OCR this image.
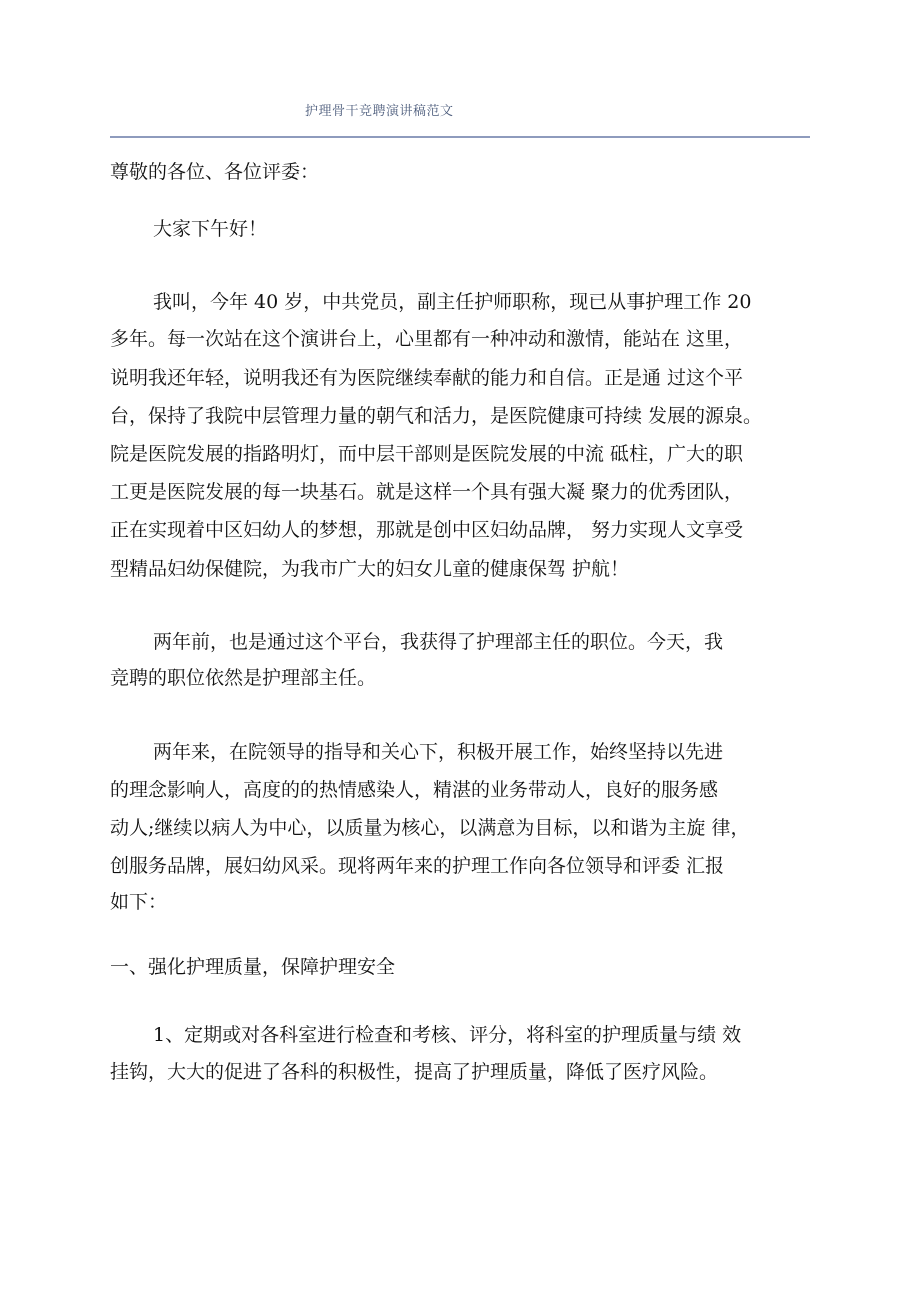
护理骨干竞聘演讲稿范文
尊敬的各位、各位评委：
大家下午好！
我叫，今年 40 岁，中共党员，副主任护师职称，现已从事护理工作 20
多年。每一次站在这个演讲台上，心里都有一种冲动和激情，能站在 这里，
说明我还年轻，说明我还有为医院继续奉献的能力和自信。正是通 过这个平
台，保持了我院中层管理力量的朝气和活力，是医院健康可持续 发展的源泉。
院是医院发展的指路明灯，而中层干部则是医院发展的中流 砥柱，广大的职
工更是医院发展的每一块基石。就是这样一个具有强大凝 聚力的优秀团队，
正在实现着中区妇幼人的梦想，那就是创中区妇幼品牌， 努力实现人文享受
型精品妇幼保健院，为我市广大的妇女儿童的健康保驾 护航！
两年前，也是通过这个平台，我获得了护理部主任的职位。今天，我
竞聘的职位依然是护理部主任。
两年来，在院领导的指导和关心下，积极开展工作，始终坚持以先进
的理念影响人，高度的的热情感染人，精湛的业务带动人，良好的服务感
动人;继续以病人为中心，以质量为核心，以满意为目标，以和谐为主旋 律，
创服务品牌，展妇幼风采。现将两年来的护理工作向各位领导和评委 汇报
如下：
一、强化护理质量，保障护理安全
1、定期或对各科室进行检查和考核、评分，将科室的护理质量与绩 效
挂钩，大大的促进了各科的积极性，提高了护理质量，降低了医疗风险。
